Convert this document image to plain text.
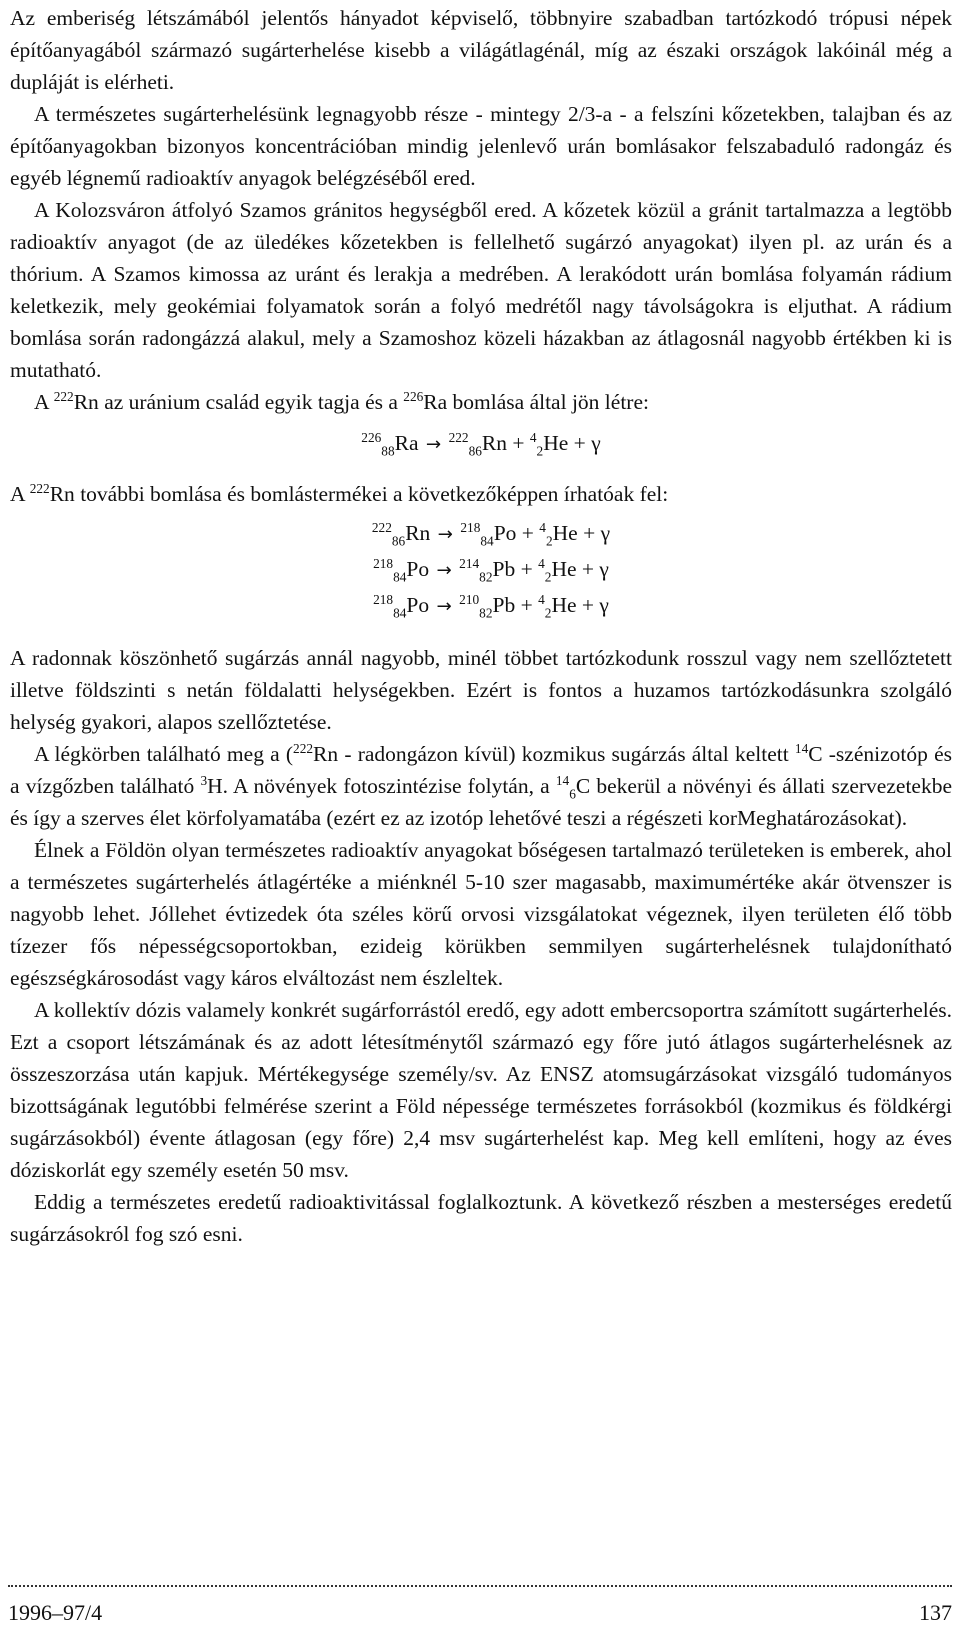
Az emberiség létszámából jelentős hányadot képviselő, többnyire szabadban tartózkodó trópusi népek építőanyagából származó sugárterhelése kisebb a világátlagénál, míg az északi országok lakóinál még a dupláját is elérheti.

A természetes sugárterhelésünk legnagyobb része - mintegy 2/3-a - a felszíni kőzetekben, talajban és az építőanyagokban bizonyos koncentrációban mindig jelenlevő urán bomlásakor felszabaduló radongáz és egyéb légnemű radioaktív anyagok belégzéséből ered.

A Kolozsváron átfolyó Szamos gránitos hegységből ered. A kőzetek közül a gránit tartalmazza a legtöbb radioaktív anyagot (de az üledékes kőzetekben is fellelhető sugárzó anyagokat) ilyen pl. az urán és a thórium. A Szamos kimossa az uránt és lerakja a medrében. A lerakódott urán bomlása folyamán rádium keletkezik, mely geokémiai folyamatok során a folyó medrétől nagy távolságokra is eljuthat. A rádium bomlása során radongázzá alakul, mely a Szamoshoz közeli házakban az átlagosnál nagyobb értékben ki is mutatható.

A $^{222}$Rn az uránium család egyik tagja és a $^{226}$Ra bomlása által jön létre:

$^{226}_{88}$Ra → $^{222}_{86}$Rn + $^4_2$He + γ

A $^{222}$Rn további bomlása és bomlástermékei a következőképpen írhatóak fel:

$^{222}_{86}$Rn → $^{218}_{84}$Po + $^4_2$He + γ
$^{218}_{84}$Po → $^{214}_{82}$Pb + $^4_2$He + γ
$^{218}_{84}$Po → $^{210}_{82}$Pb + $^4_2$He + γ

A radonnak köszönhető sugárzás annál nagyobb, minél többet tartózkodunk rosszul vagy nem szellőztetett illetve földszinti s netán földalatti helységekben. Ezért is fontos a huzamos tartózkodásunkra szolgáló helység gyakori, alapos szellőztetése.

A légkörben található meg a ($^{222}$Rn - radongázon kívül) kozmikus sugárzás által keltett $^{14}$C -szénizotóp és a vízgőzben található $^3$H. A növények fotoszintézise folytán, a $^{14}_6$C bekerül a növényi és állati szervezetekbe és így a szerves élet körfolyamatába (ezért ez az izotóp lehetővé teszi a régészeti korMeghatározásokat).

Élnek a Földön olyan természetes radioaktív anyagokat bőségesen tartalmazó területeken is emberek, ahol a természetes sugárterhelés átlagértéke a miénknél 5-10 szer magasabb, maximumértéke akár ötvenszer is nagyobb lehet. Jóllehet évtizedek óta széles körű orvosi vizsgálatokat végeznek, ilyen területen élő több tízezer fős népességcsoportokban, ezideig körükben semmilyen sugárterhelésnek tulajdonítható egészségkárosodást vagy káros elváltozást nem észleltek.

A kollektív dózis valamely konkrét sugárforrástól eredő, egy adott embercsoportra számított sugárterhelés. Ezt a csoport létszámának és az adott létesítménytől származó egy főre jutó átlagos sugárterhelésnek az összeszorzása után kapjuk. Mértékegysége személy/sv. Az ENSZ atomsugárzásokat vizsgáló tudományos bizottságának legutóbbi felmérése szerint a Föld népessége természetes forrásokból (kozmikus és földkérgi sugárzásokból) évente átlagosan (egy főre) 2,4 msv sugárterhelést kap. Meg kell említeni, hogy az éves dóziskorlát egy személy esetén 50 msv.

Eddig a természetes eredetű radioaktivitással foglalkoztunk. A következő részben a mesterséges eredetű sugárzásokról fog szó esni.

1996–97/4	137
